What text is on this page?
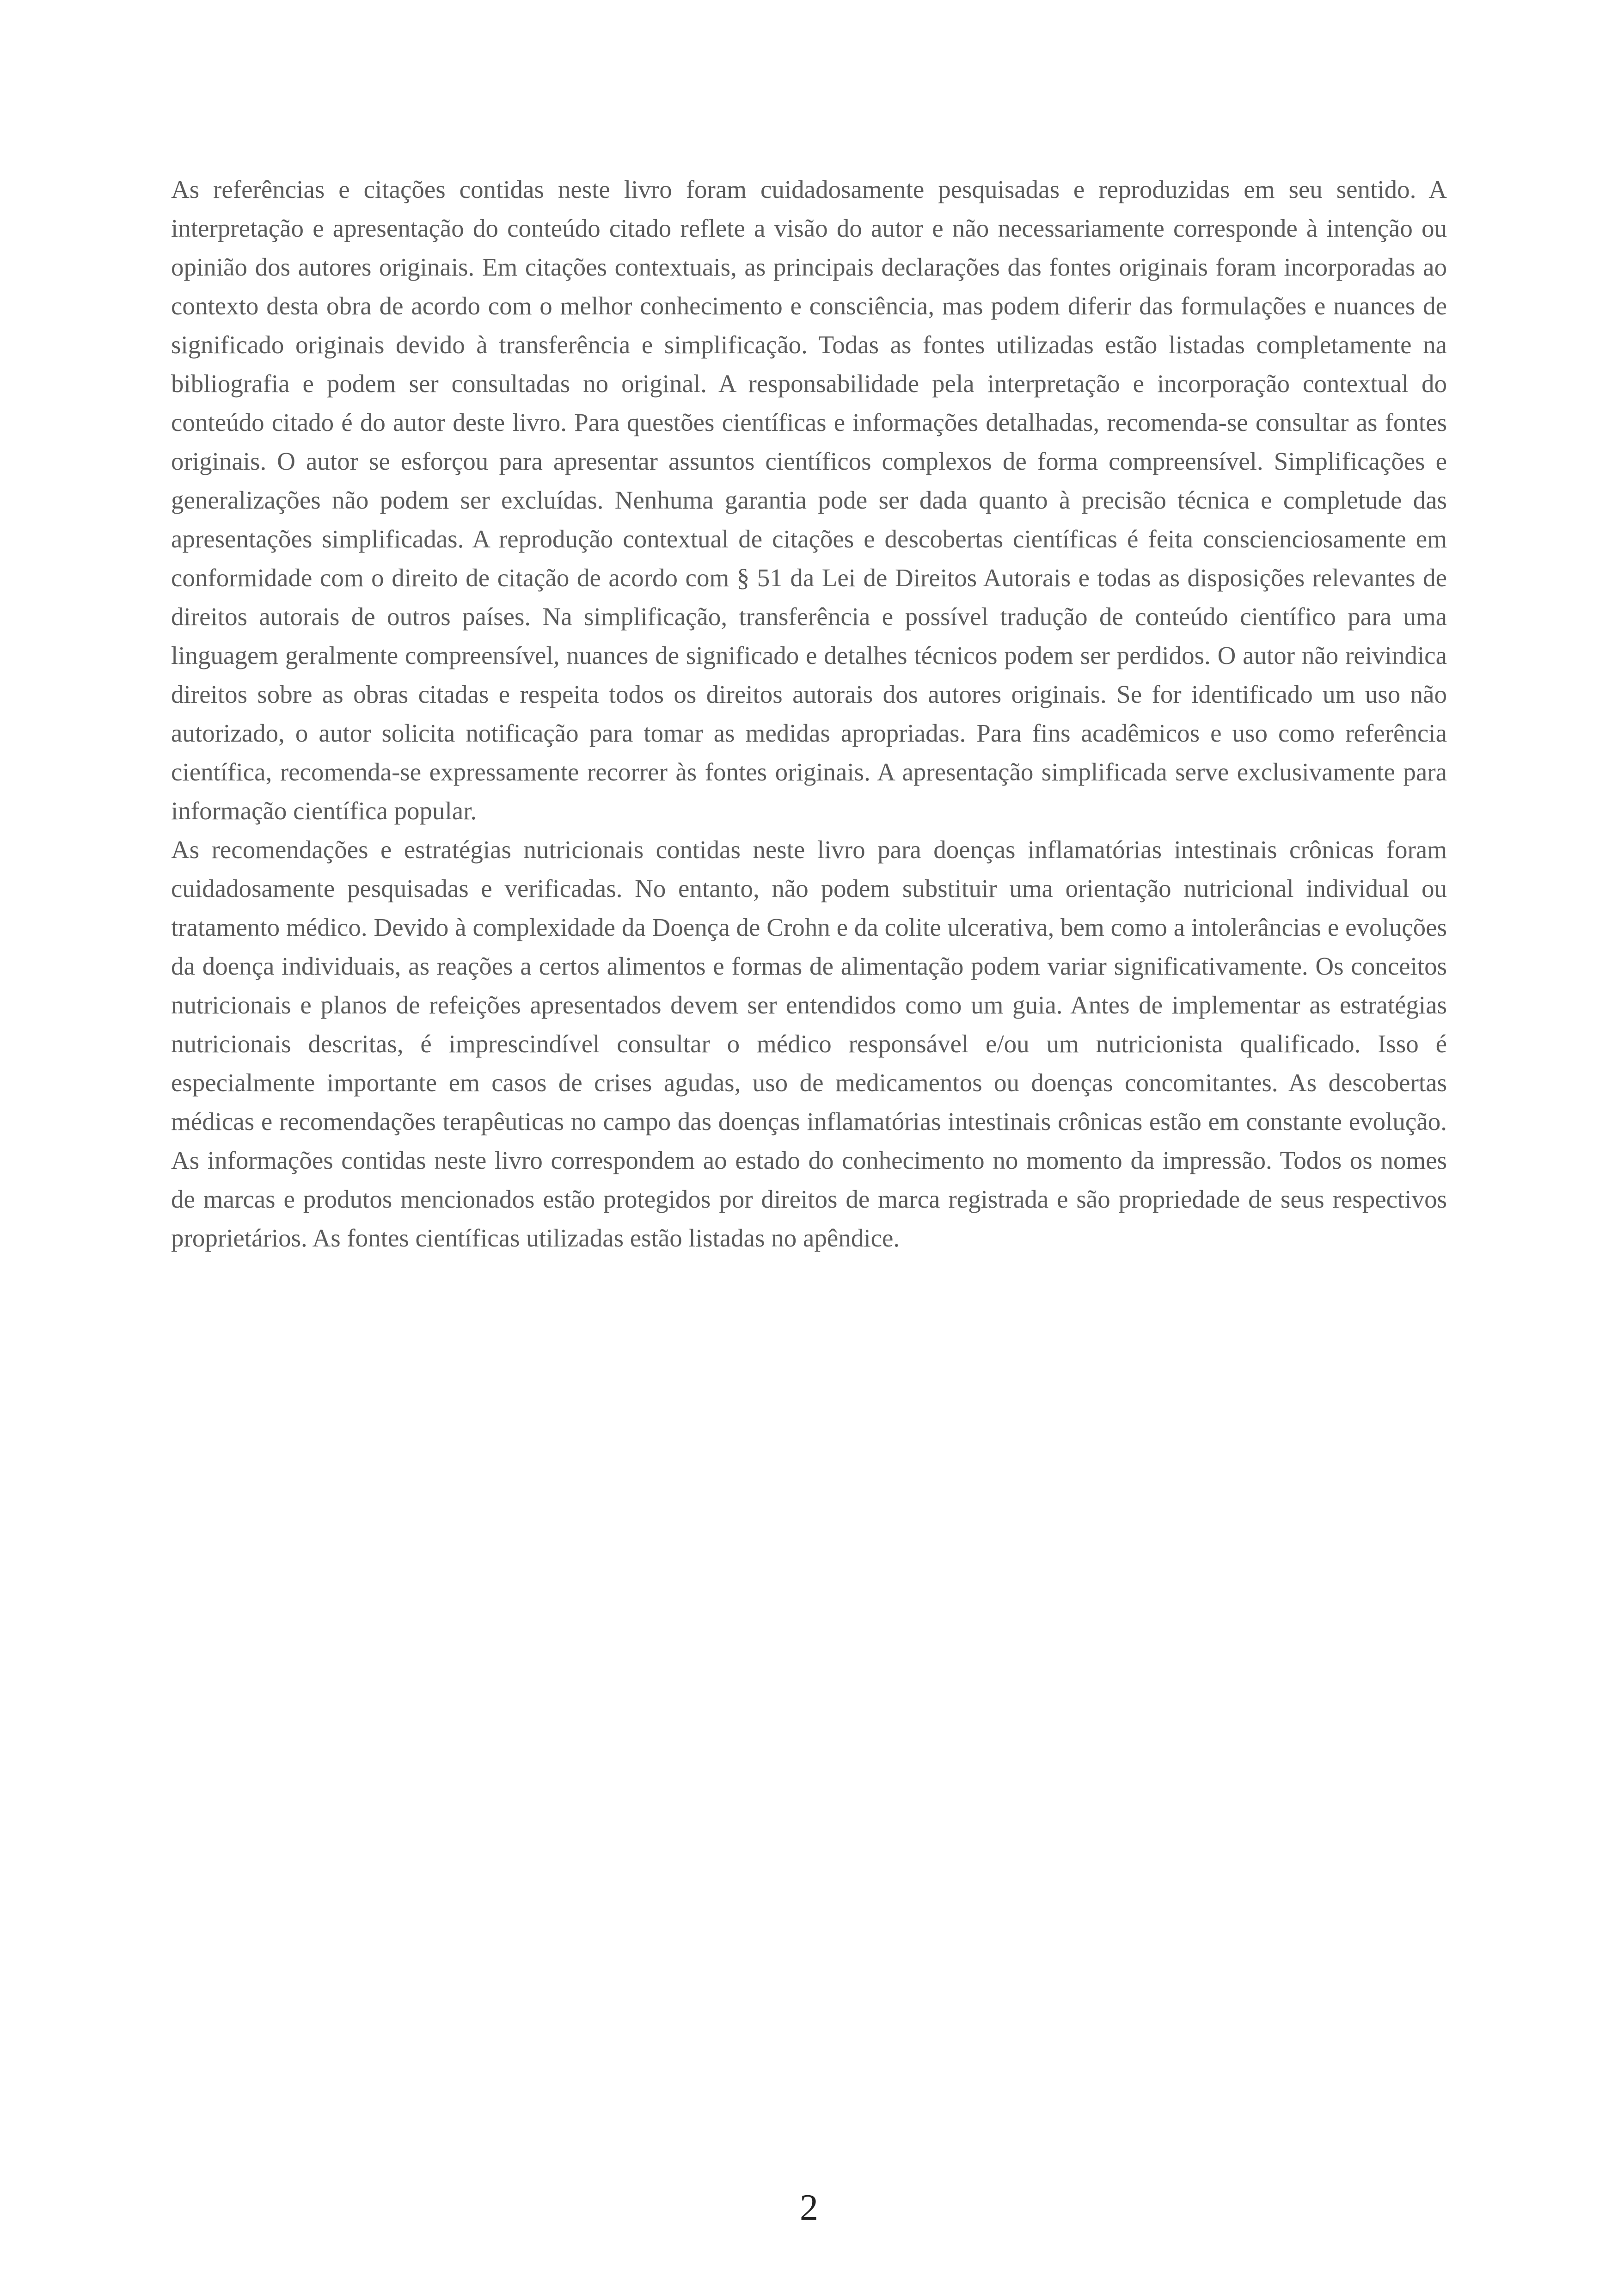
As referências e citações contidas neste livro foram cuidadosamente pesquisadas e reproduzidas em seu sentido. A interpretação e apresentação do conteúdo citado reflete a visão do autor e não necessariamente corresponde à intenção ou opinião dos autores originais. Em citações contextuais, as principais declarações das fontes originais foram incorporadas ao contexto desta obra de acordo com o melhor conhecimento e consciência, mas podem diferir das formulações e nuances de significado originais devido à transferência e simplificação. Todas as fontes utilizadas estão listadas completamente na bibliografia e podem ser consultadas no original. A responsabilidade pela interpretação e incorporação contextual do conteúdo citado é do autor deste livro. Para questões científicas e informações detalhadas, recomenda-se consultar as fontes originais. O autor se esforçou para apresentar assuntos científicos complexos de forma compreensível. Simplificações e generalizações não podem ser excluídas. Nenhuma garantia pode ser dada quanto à precisão técnica e completude das apresentações simplificadas. A reprodução contextual de citações e descobertas científicas é feita conscienciosamente em conformidade com o direito de citação de acordo com § 51 da Lei de Direitos Autorais e todas as disposições relevantes de direitos autorais de outros países. Na simplificação, transferência e possível tradução de conteúdo científico para uma linguagem geralmente compreensível, nuances de significado e detalhes técnicos podem ser perdidos. O autor não reivindica direitos sobre as obras citadas e respeita todos os direitos autorais dos autores originais. Se for identificado um uso não autorizado, o autor solicita notificação para tomar as medidas apropriadas. Para fins acadêmicos e uso como referência científica, recomenda-se expressamente recorrer às fontes originais. A apresentação simplificada serve exclusivamente para informação científica popular.

As recomendações e estratégias nutricionais contidas neste livro para doenças inflamatórias intestinais crônicas foram cuidadosamente pesquisadas e verificadas. No entanto, não podem substituir uma orientação nutricional individual ou tratamento médico. Devido à complexidade da Doença de Crohn e da colite ulcerativa, bem como a intolerâncias e evoluções da doença individuais, as reações a certos alimentos e formas de alimentação podem variar significativamente. Os conceitos nutricionais e planos de refeições apresentados devem ser entendidos como um guia. Antes de implementar as estratégias nutricionais descritas, é imprescindível consultar o médico responsável e/ou um nutricionista qualificado. Isso é especialmente importante em casos de crises agudas, uso de medicamentos ou doenças concomitantes. As descobertas médicas e recomendações terapêuticas no campo das doenças inflamatórias intestinais crônicas estão em constante evolução. As informações contidas neste livro correspondem ao estado do conhecimento no momento da impressão. Todos os nomes de marcas e produtos mencionados estão protegidos por direitos de marca registrada e são propriedade de seus respectivos proprietários. As fontes científicas utilizadas estão listadas no apêndice.

2
